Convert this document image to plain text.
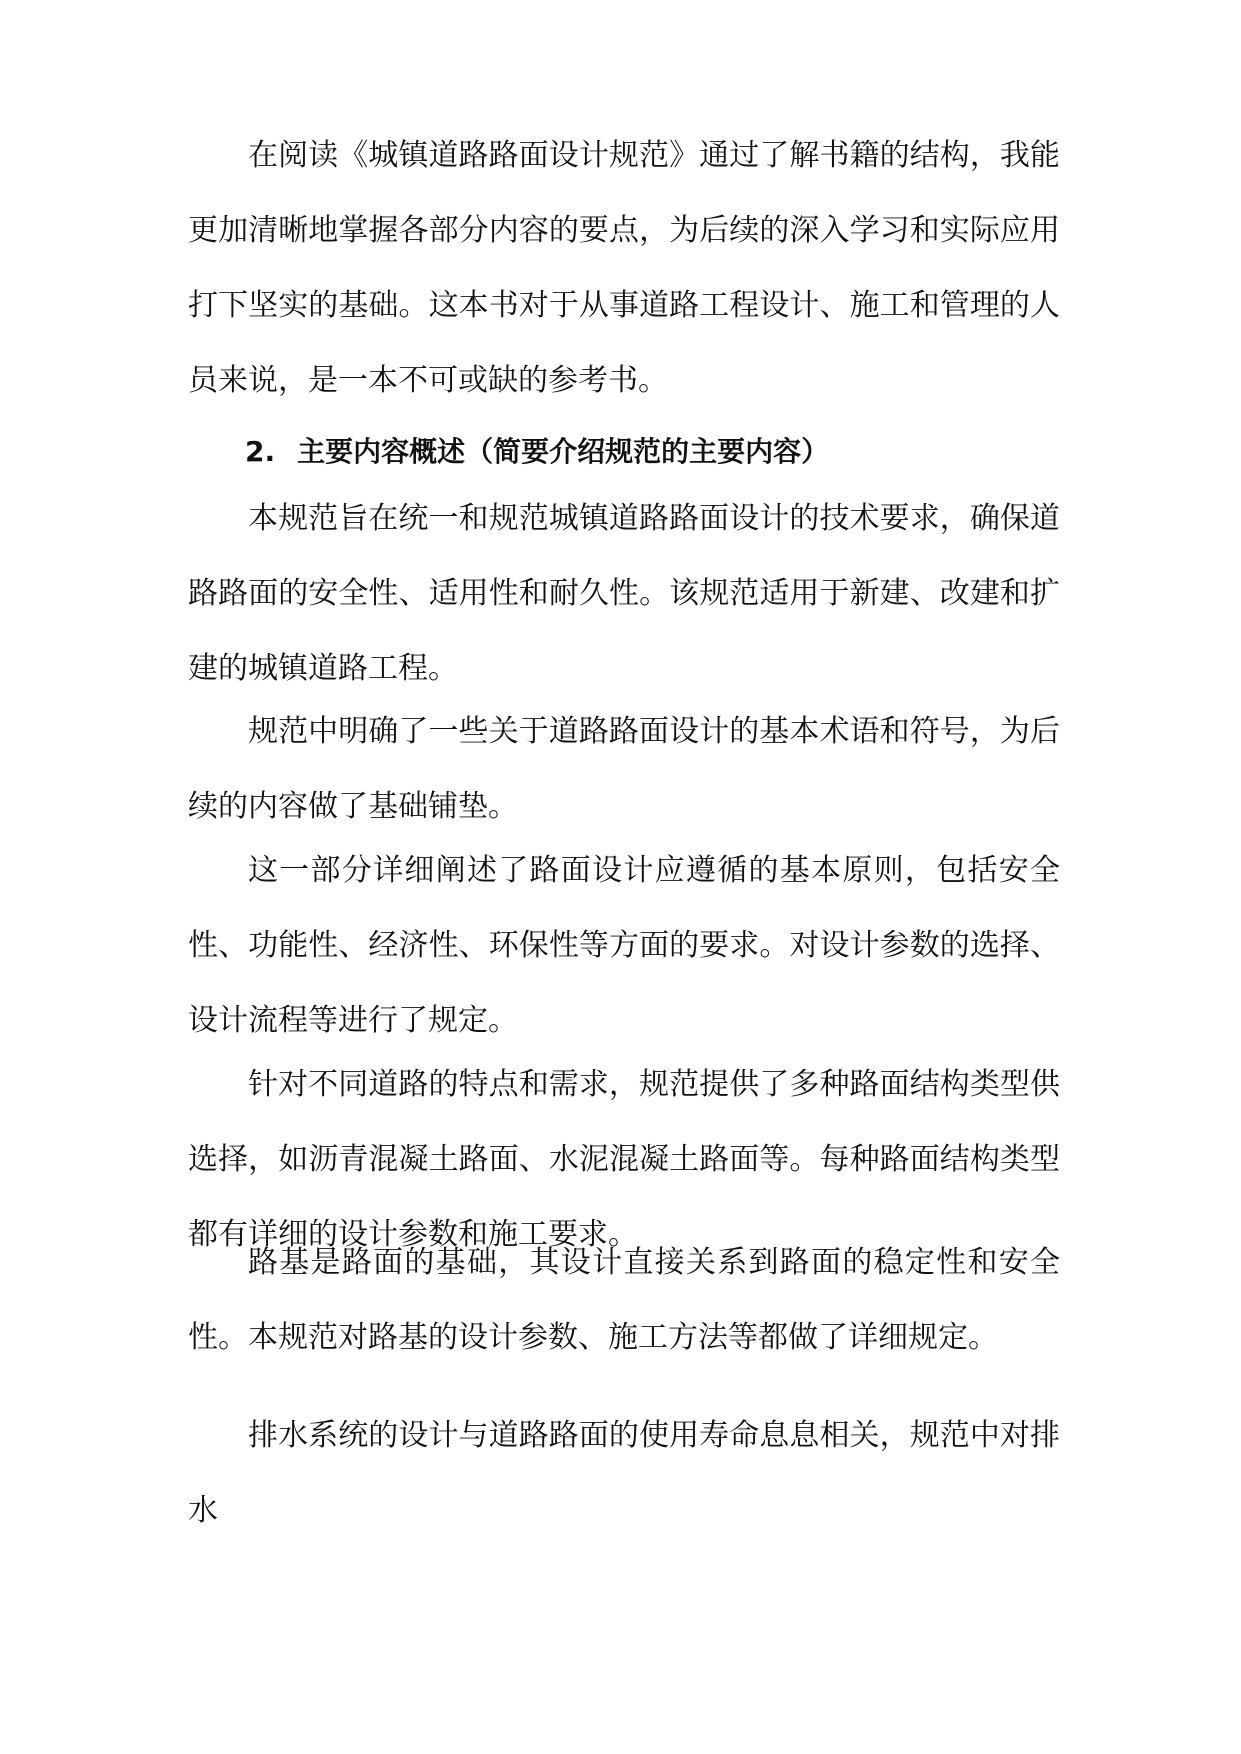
在阅读《城镇道路路面设计规范》通过了解书籍的结构，我能更加清晰地掌握各部分内容的要点，为后续的深入学习和实际应用打下坚实的基础。这本书对于从事道路工程设计、施工和管理的人员来说，是一本不可或缺的参考书。

2. 主要内容概述（简要介绍规范的主要内容）

本规范旨在统一和规范城镇道路路面设计的技术要求，确保道路路面的安全性、适用性和耐久性。该规范适用于新建、改建和扩建的城镇道路工程。

规范中明确了一些关于道路路面设计的基本术语和符号，为后续的内容做了基础铺垫。

这一部分详细阐述了路面设计应遵循的基本原则，包括安全性、功能性、经济性、环保性等方面的要求。对设计参数的选择、设计流程等进行了规定。

针对不同道路的特点和需求，规范提供了多种路面结构类型供选择，如沥青混凝土路面、水泥混凝土路面等。每种路面结构类型都有详细的设计参数和施工要求。

路基是路面的基础，其设计直接关系到路面的稳定性和安全性。本规范对路基的设计参数、施工方法等都做了详细规定。

排水系统的设计与道路路面的使用寿命息息相关，规范中对排水
